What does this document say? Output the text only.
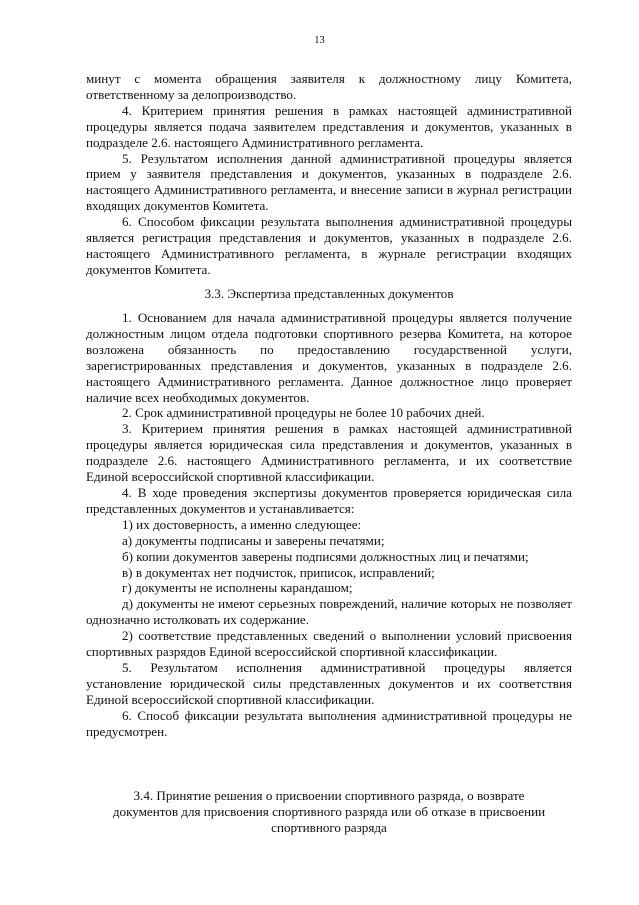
13

минут с момента обращения заявителя к должностному лицу Комитета, ответственному за делопроизводство.

4. Критерием принятия решения в рамках настоящей административной процедуры является подача заявителем представления и документов, указанных в подразделе 2.6. настоящего Административного регламента.

5. Результатом исполнения данной административной процедуры является прием у заявителя представления и документов, указанных в подразделе 2.6. настоящего Административного регламента, и внесение записи в журнал регистрации входящих документов Комитета.

6. Способом фиксации результата выполнения административной процедуры является регистрация представления и документов, указанных в подразделе 2.6. настоящего Административного регламента, в журнале регистрации входящих документов Комитета.

3.3. Экспертиза представленных документов

1. Основанием для начала административной процедуры является получение должностным лицом отдела подготовки спортивного резерва Комитета, на которое возложена обязанность по предоставлению государственной услуги, зарегистрированных представления и документов, указанных в подразделе 2.6. настоящего Административного регламента. Данное должностное лицо проверяет наличие всех необходимых документов.

2. Срок административной процедуры не более 10 рабочих дней.

3. Критерием принятия решения в рамках настоящей административной процедуры является юридическая сила представления и документов, указанных в подразделе 2.6. настоящего Административного регламента, и их соответствие Единой всероссийской спортивной классификации.

4. В ходе проведения экспертизы документов проверяется юридическая сила представленных документов и устанавливается:

1) их достоверность, а именно следующее:

а) документы подписаны и заверены печатями;

б) копии документов заверены подписями должностных лиц и печатями;

в) в документах нет подчисток, приписок, исправлений;

г) документы не исполнены карандашом;

д) документы не имеют серьезных повреждений, наличие которых не позволяет однозначно истолковать их содержание.

2) соответствие представленных сведений о выполнении условий присвоения спортивных разрядов Единой всероссийской спортивной классификации.

5. Результатом исполнения административной процедуры является установление юридической силы представленных документов и их соответствия Единой всероссийской спортивной классификации.

6. Способ фиксации результата выполнения административной процедуры не предусмотрен.

3.4. Принятие решения о присвоении спортивного разряда, о возврате

документов для присвоения спортивного разряда или об отказе в присвоении

спортивного разряда
